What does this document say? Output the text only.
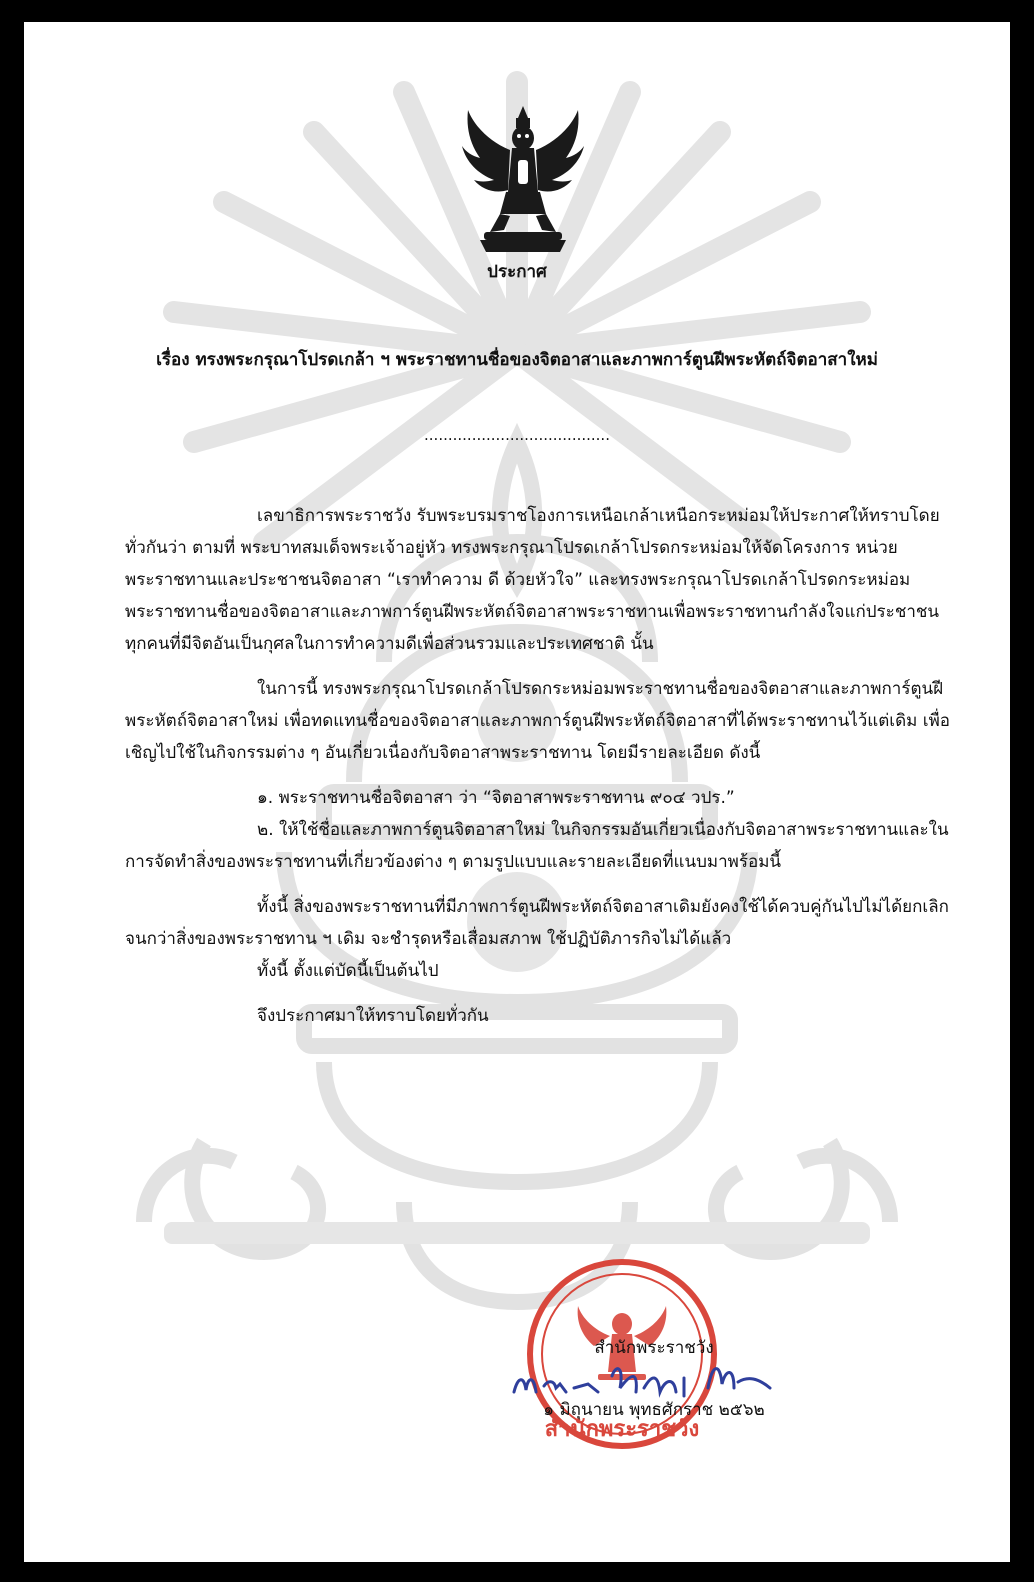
ประกาศ
เรื่อง ทรงพระกรุณาโปรดเกล้า ฯ พระราชทานชื่อของจิตอาสาและภาพการ์ตูนฝีพระหัตถ์จิตอาสาใหม่
.......................................

เลขาธิการพระราชวัง รับพระบรมราชโองการเหนือเกล้าเหนือกระหม่อมให้ประกาศให้ทราบโดยทั่วกันว่า ตามที่ พระบาทสมเด็จพระเจ้าอยู่หัว ทรงพระกรุณาโปรดเกล้าโปรดกระหม่อมให้จัดโครงการ หน่วยพระราชทานและประชาชนจิตอาสา “เราทำความ ดี ด้วยหัวใจ” และทรงพระกรุณาโปรดเกล้าโปรดกระหม่อมพระราชทานชื่อของจิตอาสาและภาพการ์ตูนฝีพระหัตถ์จิตอาสาพระราชทานเพื่อพระราชทานกำลังใจแก่ประชาชนทุกคนที่มีจิตอันเป็นกุศลในการทำความดีเพื่อส่วนรวมและประเทศชาติ นั้น

ในการนี้ ทรงพระกรุณาโปรดเกล้าโปรดกระหม่อมพระราชทานชื่อของจิตอาสาและภาพการ์ตูนฝีพระหัตถ์จิตอาสาใหม่ เพื่อทดแทนชื่อของจิตอาสาและภาพการ์ตูนฝีพระหัตถ์จิตอาสาที่ได้พระราชทานไว้แต่เดิม เพื่อเชิญไปใช้ในกิจกรรมต่าง ๆ อันเกี่ยวเนื่องกับจิตอาสาพระราชทาน โดยมีรายละเอียด ดังนี้

๑. พระราชทานชื่อจิตอาสา ว่า “จิตอาสาพระราชทาน ๙๐๔ วปร.”

๒. ให้ใช้ชื่อและภาพการ์ตูนจิตอาสาใหม่ ในกิจกรรมอันเกี่ยวเนื่องกับจิตอาสาพระราชทานและในการจัดทำสิ่งของพระราชทานที่เกี่ยวข้องต่าง ๆ ตามรูปแบบและรายละเอียดที่แนบมาพร้อมนี้

ทั้งนี้ สิ่งของพระราชทานที่มีภาพการ์ตูนฝีพระหัตถ์จิตอาสาเดิมยังคงใช้ได้ควบคู่กันไปไม่ได้ยกเลิกจนกว่าสิ่งของพระราชทาน ฯ เดิม จะชำรุดหรือเสื่อมสภาพ ใช้ปฏิบัติภารกิจไม่ได้แล้ว

ทั้งนี้ ตั้งแต่บัดนี้เป็นต้นไป

จึงประกาศมาให้ทราบโดยทั่วกัน

สำนักพระราชวัง
สำนักพระราชวัง
๑ มิถุนายน พุทธศักราช ๒๕๖๒
